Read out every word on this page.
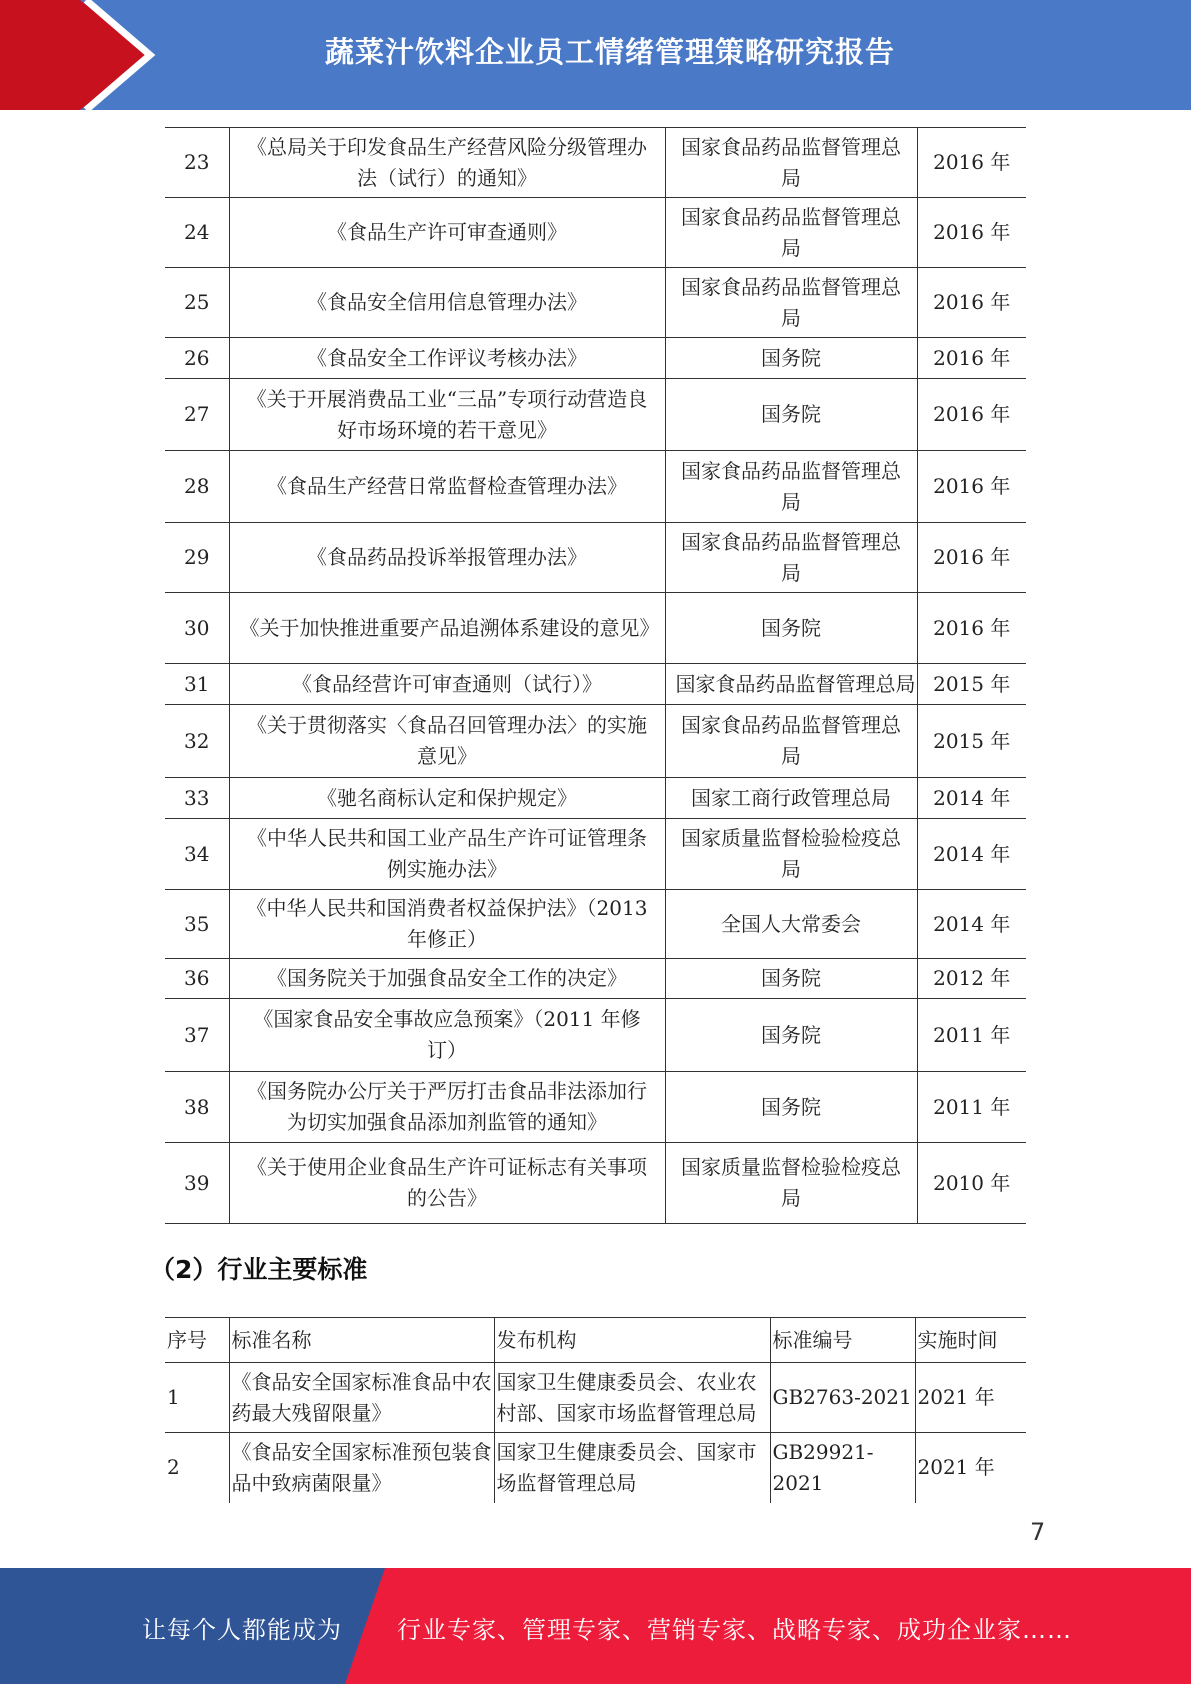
蔬菜汁饮料企业员工情绪管理策略研究报告
23	《总局关于印发食品生产经营风险分级管理办法（试行）的通知》	国家食品药品监督管理总局	2016 年
24	《食品生产许可审查通则》	国家食品药品监督管理总局	2016 年
25	《食品安全信用信息管理办法》	国家食品药品监督管理总局	2016 年
26	《食品安全工作评议考核办法》	国务院	2016 年
27	《关于开展消费品工业“三品”专项行动营造良好市场环境的若干意见》	国务院	2016 年
28	《食品生产经营日常监督检查管理办法》	国家食品药品监督管理总局	2016 年
29	《食品药品投诉举报管理办法》	国家食品药品监督管理总局	2016 年
30	《关于加快推进重要产品追溯体系建设的意见》	国务院	2016 年
31	《食品经营许可审查通则（试行）》	国家食品药品监督管理总局	2015 年
32	《关于贯彻落实〈食品召回管理办法〉的实施意见》	国家食品药品监督管理总局	2015 年
33	《驰名商标认定和保护规定》	国家工商行政管理总局	2014 年
34	《中华人民共和国工业产品生产许可证管理条例实施办法》	国家质量监督检验检疫总局	2014 年
35	《中华人民共和国消费者权益保护法》（2013 年修正）	全国人大常委会	2014 年
36	《国务院关于加强食品安全工作的决定》	国务院	2012 年
37	《国家食品安全事故应急预案》（2011 年修订）	国务院	2011 年
38	《国务院办公厅关于严厉打击食品非法添加行为切实加强食品添加剂监管的通知》	国务院	2011 年
39	《关于使用企业食品生产许可证标志有关事项的公告》	国家质量监督检验检疫总局	2010 年
（2）行业主要标准
序号	标准名称	发布机构	标准编号	实施时间
1	《食品安全国家标准食品中农药最大残留限量》	国家卫生健康委员会、农业农村部、国家市场监督管理总局	GB2763-2021	2021 年
2	《食品安全国家标准预包装食品中致病菌限量》	国家卫生健康委员会、国家市场监督管理总局	GB29921-2021	2021 年
7
让每个人都能成为 行业专家、管理专家、营销专家、战略专家、成功企业家……
